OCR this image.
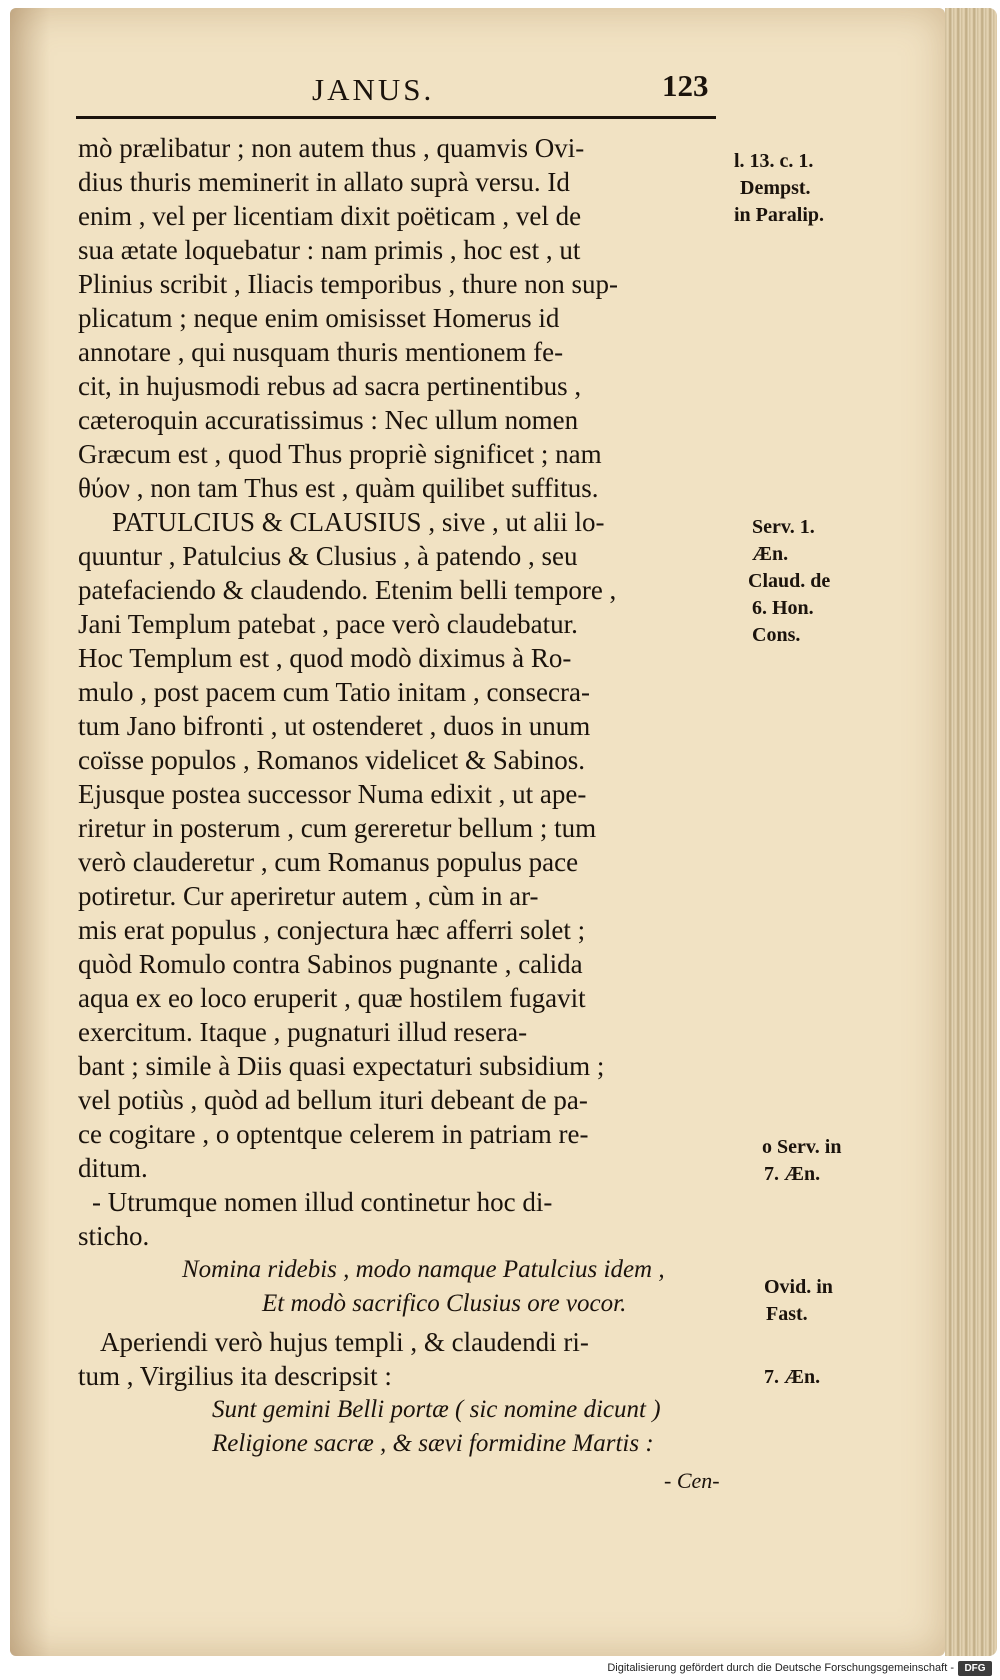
JANUS.	123
mò prælibatur ; non autem thus , quamvis Ovi-
dius thuris meminerit in allato suprà versu. Id
enim , vel per licentiam dixit poëticam , vel de
sua ætate loquebatur : nam primis , hoc est , ut
Plinius scribit , Iliacis temporibus , thure non sup-
plicatum ; neque enim omisisset Homerus id
annotare , qui nusquam thuris mentionem fe-
cit, in hujusmodi rebus ad sacra pertinentibus ,
cæteroquin accuratissimus : Nec ullum nomen
Græcum est , quod Thus propriè significet ; nam
θύον , non tam Thus est , quàm quilibet suffitus.
PATULCIUS & CLAUSIUS , sive , ut alii lo-
quuntur , Patulcius & Clusius , à patendo , seu
patefaciendo & claudendo. Etenim belli tempore ,
Jani Templum patebat , pace verò claudebatur.
Hoc Templum est , quod modò diximus à Ro-
mulo , post pacem cum Tatio initam , consecra-
tum Jano bifronti , ut ostenderet , duos in unum
coïsse populos , Romanos videlicet & Sabinos.
Ejusque postea successor Numa edixit , ut ape-
riretur in posterum , cum gereretur bellum ; tum
verò clauderetur , cum Romanus populus pace
potiretur. Cur aperiretur autem , cùm in ar-
mis erat populus , conjectura hæc afferri solet ;
quòd Romulo contra Sabinos pugnante , calida
aqua ex eo loco eruperit , quæ hostilem fugavit
exercitum. Itaque , pugnaturi illud resera-
bant ; simile à Diis quasi expectaturi subsidium ;
vel potiùs , quòd ad bellum ituri debeant de pa-
ce cogitare , o optentque celerem in patriam re-
ditum.
- Utrumque nomen illud continetur hoc di-
sticho.
Nomina ridebis , modo namque Patulcius idem ,
Et modò sacrifico Clusius ore vocor.
Aperiendi verò hujus templi , & claudendi ri-
tum , Virgilius ita descripsit :
Sunt gemini Belli portæ ( sic nomine dicunt )
Religione sacræ , & sævi formidine Martis :
- Cen-
l. 13. c. 1.
Dempst.
in Paralip.
Serv. 1.
Æn.
Claud. de
6. Hon.
Cons.
o Serv. in
7. Æn.
Ovid. in
Fast.
7. Æn.
Digitalisierung gefördert durch die Deutsche Forschungsgemeinschaft -	DFG
